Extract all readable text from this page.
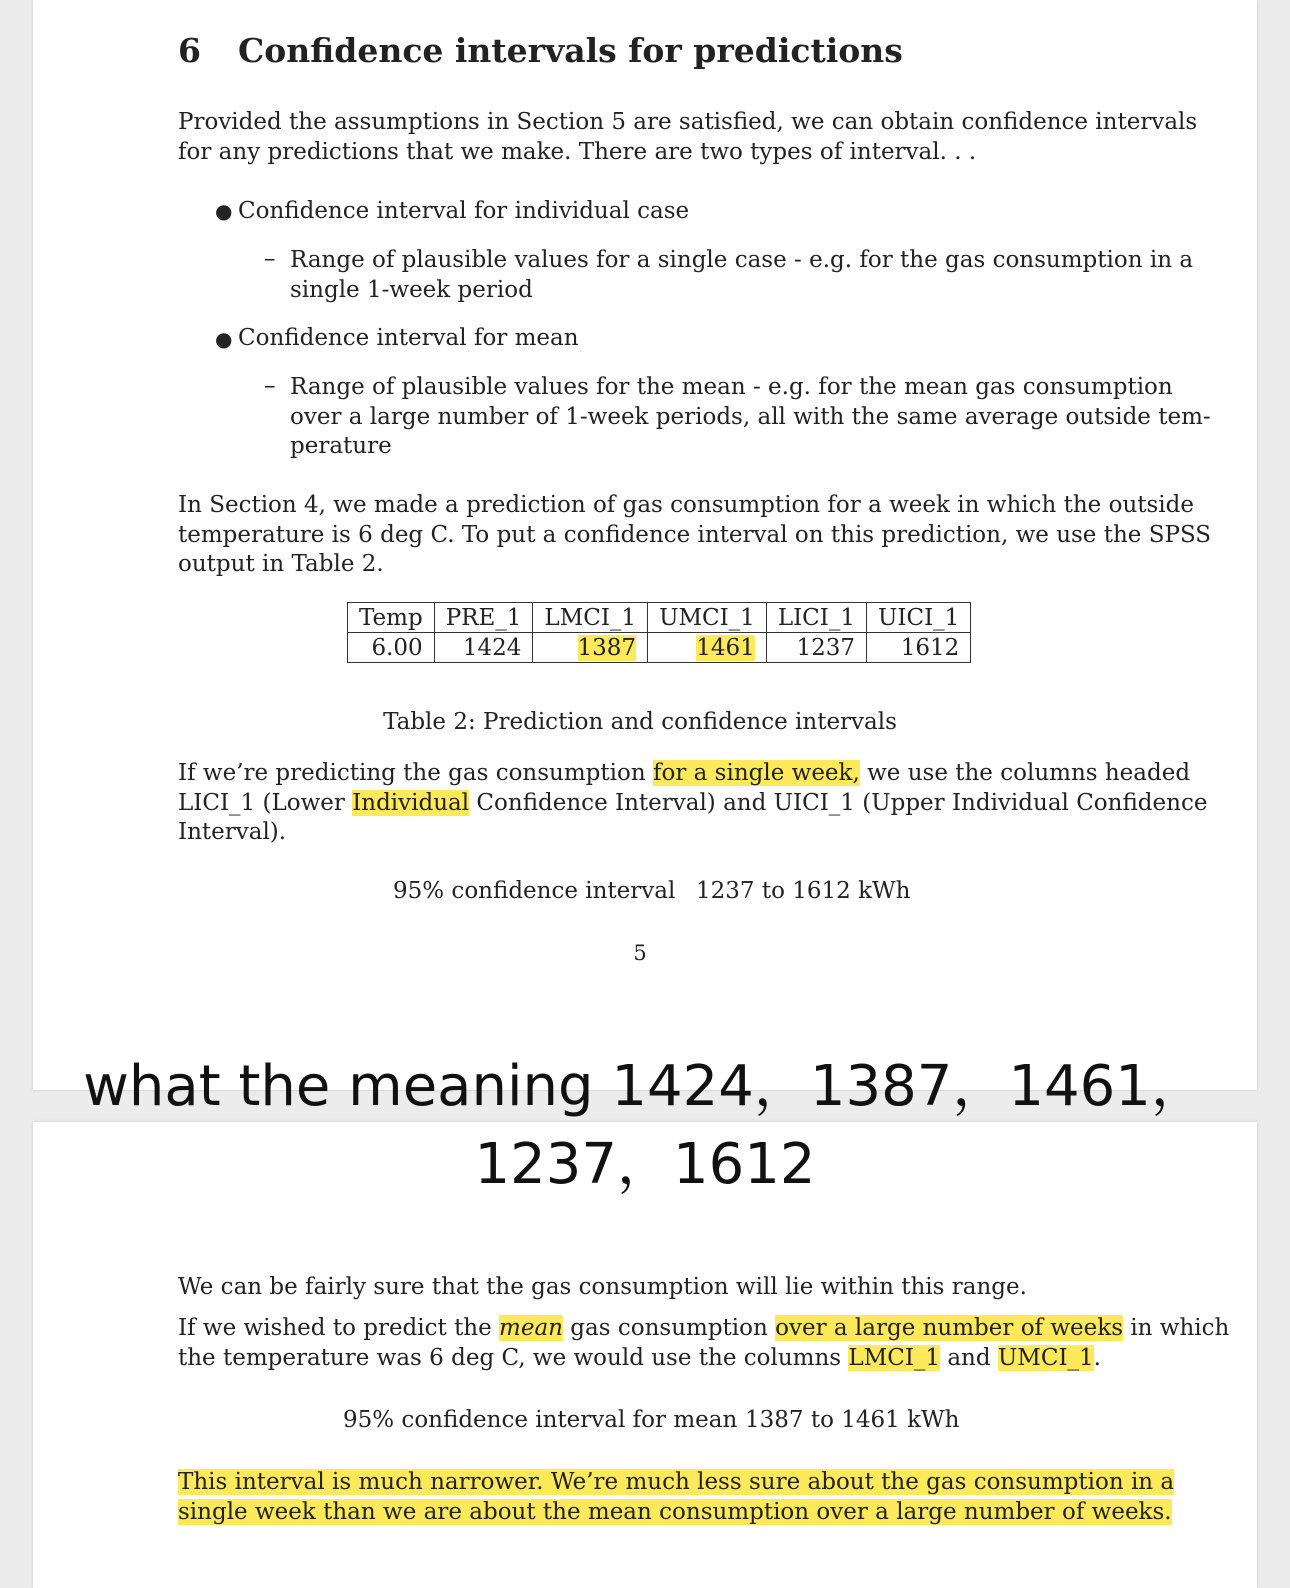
6 Confidence intervals for predictions
Provided the assumptions in Section 5 are satisfied, we can obtain confidence intervals
for any predictions that we make. There are two types of interval. . .
● Confidence interval for individual case
– Range of plausible values for a single case - e.g. for the gas consumption in a
single 1-week period
● Confidence interval for mean
– Range of plausible values for the mean - e.g. for the mean gas consumption
over a large number of 1-week periods, all with the same average outside tem-
perature
In Section 4, we made a prediction of gas consumption for a week in which the outside
temperature is 6 deg C. To put a confidence interval on this prediction, we use the SPSS
output in Table 2.
Temp	PRE_1	LMCI_1	UMCI_1	LICI_1	UICI_1
6.00	1424	1387	1461	1237	1612
Table 2: Prediction and confidence intervals
If we’re predicting the gas consumption for a single week, we use the columns headed
LICI_1 (Lower Individual Confidence Interval) and UICI_1 (Upper Individual Confidence
Interval).
95% confidence interval 1237 to 1612 kWh
5
We can be fairly sure that the gas consumption will lie within this range.
If we wished to predict the mean gas consumption over a large number of weeks in which
the temperature was 6 deg C, we would use the columns LMCI_1 and UMCI_1.
95% confidence interval for mean 1387 to 1461 kWh
This interval is much narrower. We’re much less sure about the gas consumption in a
single week than we are about the mean consumption over a large number of weeks.
what the meaning 1424，1387，1461，
1237，1612
